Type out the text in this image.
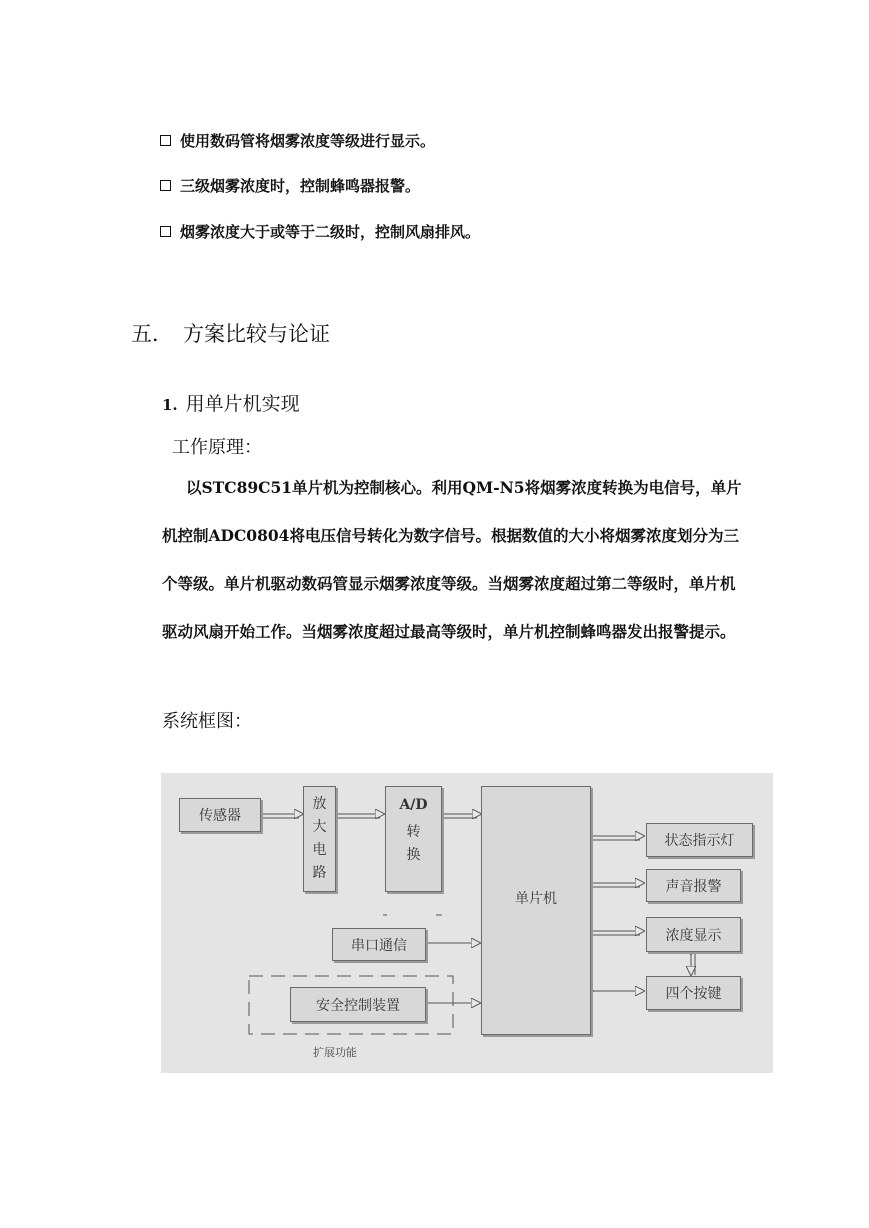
使用数码管将烟雾浓度等级进行显示。
三级烟雾浓度时，控制蜂鸣器报警。
烟雾浓度大于或等于二级时，控制风扇排风。
五． 方案比较与论证
1. 用单片机实现
工作原理：

以STC89C51单片机为控制核心。利用QM-N5将烟雾浓度转换为电信号，单片机控制ADC0804将电压信号转化为数字信号。根据数值的大小将烟雾浓度划分为三个等级。单片机驱动数码管显示烟雾浓度等级。当烟雾浓度超过第二等级时，单片机驱动风扇开始工作。当烟雾浓度超过最高等级时，单片机控制蜂鸣器发出报警提示。

系统框图：
传感器
放
大
电
路
A/D
转
换
单片机
状态指示灯
声音报警
浓度显示
四个按键
串口通信
安全控制装置
扩展功能
